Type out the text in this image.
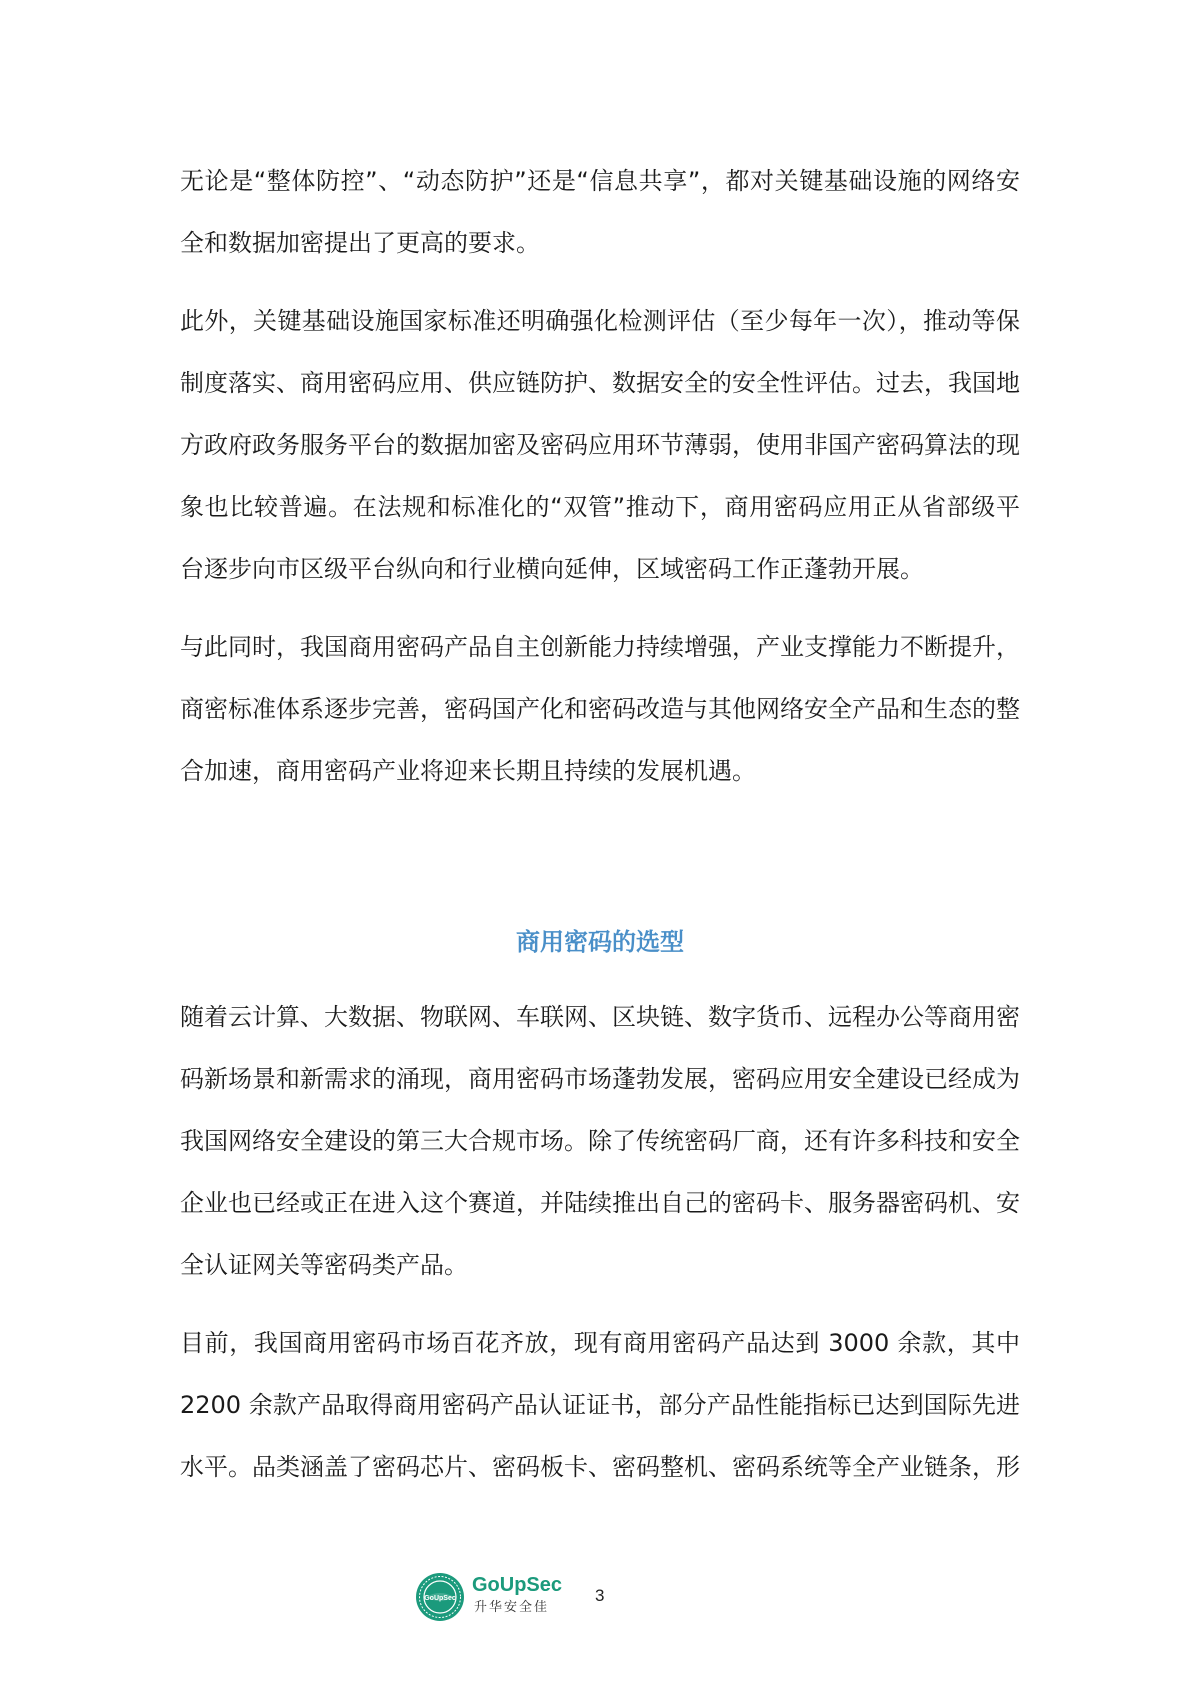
无论是“整体防控”、“动态防护”还是“信息共享”，都对关键基础设施的网络安全和数据加密提出了更高的要求。

此外，关键基础设施国家标准还明确强化检测评估（至少每年一次），推动等保制度落实、商用密码应用、供应链防护、数据安全的安全性评估。过去，我国地方政府政务服务平台的数据加密及密码应用环节薄弱，使用非国产密码算法的现象也比较普遍。在法规和标准化的“双管”推动下，商用密码应用正从省部级平台逐步向市区级平台纵向和行业横向延伸，区域密码工作正蓬勃开展。

与此同时，我国商用密码产品自主创新能力持续增强，产业支撑能力不断提升，商密标准体系逐步完善，密码国产化和密码改造与其他网络安全产品和生态的整合加速，商用密码产业将迎来长期且持续的发展机遇。

商用密码的选型

随着云计算、大数据、物联网、车联网、区块链、数字货币、远程办公等商用密码新场景和新需求的涌现，商用密码市场蓬勃发展，密码应用安全建设已经成为我国网络安全建设的第三大合规市场。除了传统密码厂商，还有许多科技和安全企业也已经或正在进入这个赛道，并陆续推出自己的密码卡、服务器密码机、安全认证网关等密码类产品。

目前，我国商用密码市场百花齐放，现有商用密码产品达到 3000 余款，其中 2200 余款产品取得商用密码产品认证证书，部分产品性能指标已达到国际先进水平。品类涵盖了密码芯片、密码板卡、密码整机、密码系统等全产业链条，形

GoUpSec
GoUpSec
升华安全佳
3
